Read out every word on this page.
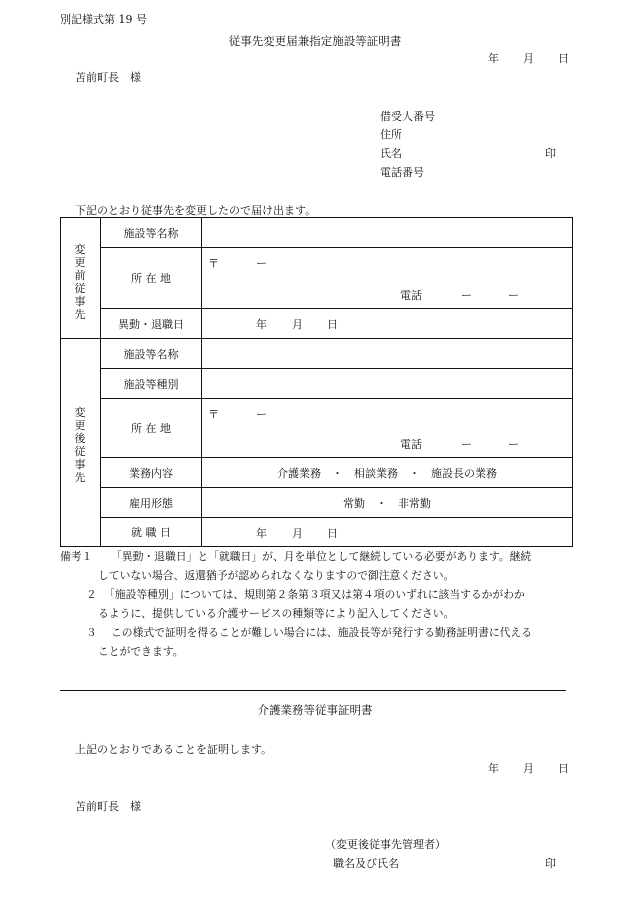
別記様式第 19 号
従事先変更届兼指定施設等証明書
年 月 日
苫前町長　様
借受人番号
住所
氏名	印
電話番号
下記のとおり従事先を変更したので届け出ます。
変更前従事先
施設等名称
所 在 地
〒	ー
電話	ー	ー
異動・退職日	年 月 日
変更後従事先
施設等名称
施設等種別
所 在 地
〒	ー
電話	ー	ー
業務内容	介護業務　・　相談業務　・　施設長の業務
雇用形態	常勤　・　非常勤
就 職 日	年 月 日
備考１ 「異動・退職日」と「就職日」が、月を単位として継続している必要があります。継続
していない場合、返還猶予が認められなくなりますので御注意ください。
２ 「施設等種別」については、規則第２条第３項又は第４項のいずれに該当するかがわか
るように、提供している介護サービスの種類等により記入してください。
３ この様式で証明を得ることが難しい場合には、施設長等が発行する勤務証明書に代える
ことができます。
介護業務等従事証明書
上記のとおりであることを証明します。
年 月 日
苫前町長　様
（変更後従事先管理者）
職名及び氏名	印
